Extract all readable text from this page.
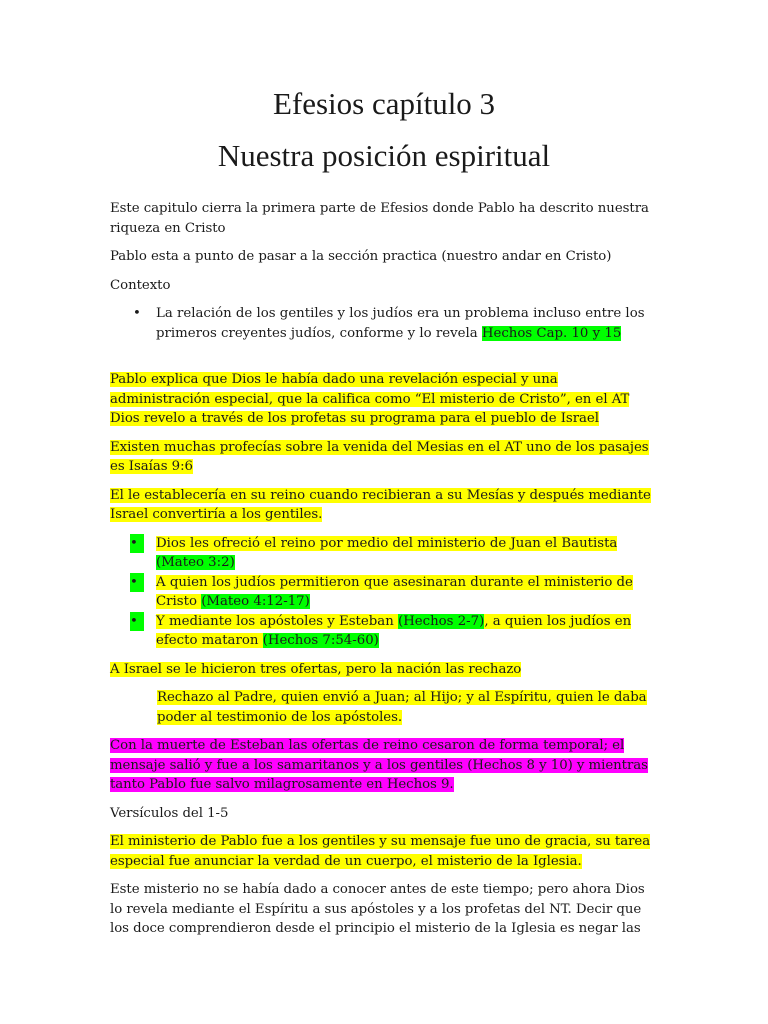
Efesios capítulo 3
Nuestra posición espiritual

Este capitulo cierra la primera parte de Efesios donde Pablo ha descrito nuestra riqueza en Cristo

Pablo esta a punto de pasar a la sección practica (nuestro andar en Cristo)

Contexto

• La relación de los gentiles y los judíos era un problema incluso entre los primeros creyentes judíos, conforme y lo revela Hechos Cap. 10 y 15

Pablo explica que Dios le había dado una revelación especial y una administración especial, que la califica como “El misterio de Cristo”, en el AT Dios revelo a través de los profetas su programa para el pueblo de Israel

Existen muchas profecías sobre la venida del Mesias en el AT uno de los pasajes es Isaías 9:6

El le establecería en su reino cuando recibieran a su Mesías y después mediante Israel convertiría a los gentiles.

•	Dios les ofreció el reino por medio del ministerio de Juan el Bautista (Mateo 3:2)
•	A quien los judíos permitieron que asesinaran durante el ministerio de Cristo (Mateo 4:12-17)
•	Y mediante los apóstoles y Esteban (Hechos 2-7), a quien los judíos en efecto mataron (Hechos 7:54-60)

A Israel se le hicieron tres ofertas, pero la nación las rechazo

Rechazo al Padre, quien envió a Juan; al Hijo; y al Espíritu, quien le daba poder al testimonio de los apóstoles.

Con la muerte de Esteban las ofertas de reino cesaron de forma temporal; el mensaje salió y fue a los samaritanos y a los gentiles (Hechos 8 y 10) y mientras tanto Pablo fue salvo milagrosamente en Hechos 9.

Versículos del 1-5

El ministerio de Pablo fue a los gentiles y su mensaje fue uno de gracia, su tarea especial fue anunciar la verdad de un cuerpo, el misterio de la Iglesia.

Este misterio no se había dado a conocer antes de este tiempo; pero ahora Dios lo revela mediante el Espíritu a sus apóstoles y a los profetas del NT. Decir que los doce comprendieron desde el principio el misterio de la Iglesia es negar las
